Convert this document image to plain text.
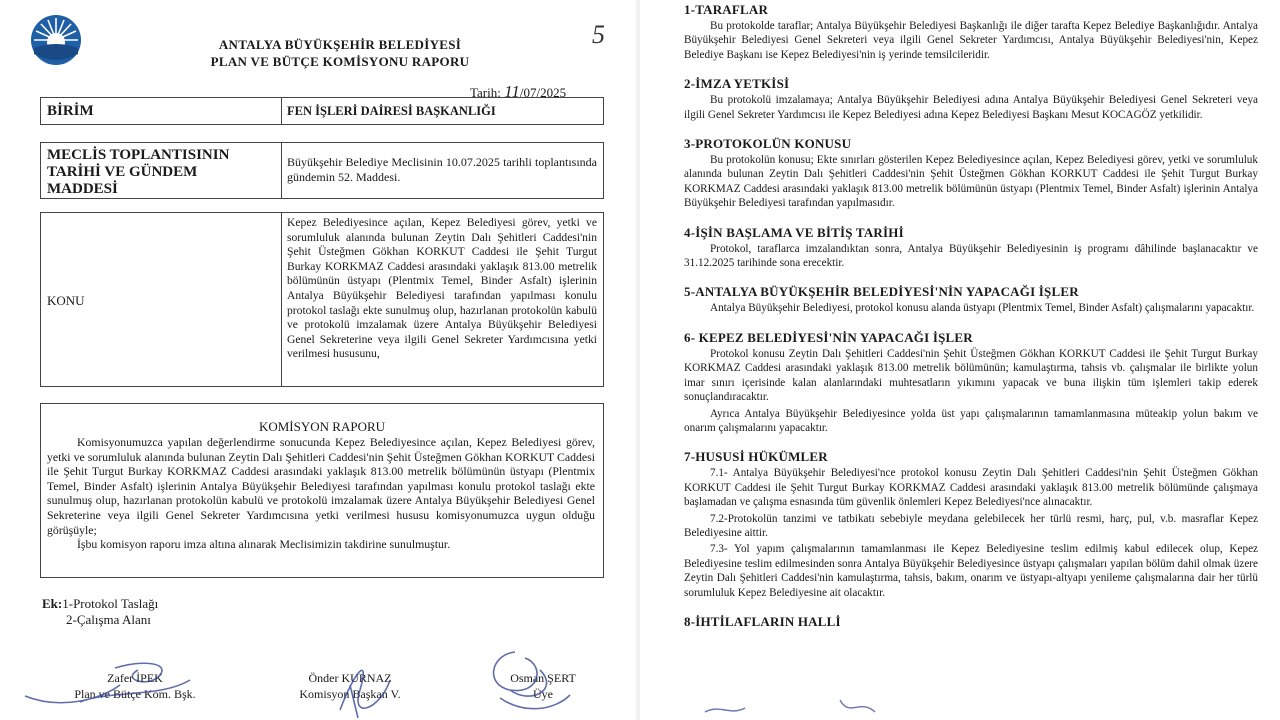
5
ANTALYA BÜYÜKŞEHİR BELEDİYESİ
PLAN VE BÜTÇE KOMİSYONU RAPORU
Tarih: 11/07/2025
BİRİM	FEN İŞLERİ DAİRESİ BAŞKANLIĞI
MECLİS TOPLANTISININ
TARİHİ VE GÜNDEM
MADDESİ
Büyükşehir Belediye Meclisinin 10.07.2025 tarihli toplantısında gündemin 52. Maddesi.
KONU
Kepez Belediyesince açılan, Kepez Belediyesi görev, yetki ve sorumluluk alanında bulunan Zeytin Dalı Şehitleri Caddesi'nin Şehit Üsteğmen Gökhan KORKUT Caddesi ile Şehit Turgut Burkay KORKMAZ Caddesi arasındaki yaklaşık 813.00 metrelik bölümünün üstyapı (Plentmix Temel, Binder Asfalt) işlerinin Antalya Büyükşehir Belediyesi tarafından yapılması konulu protokol taslağı ekte sunulmuş olup, hazırlanan protokolün kabulü ve protokolü imzalamak üzere Antalya Büyükşehir Belediyesi Genel Sekreterine veya ilgili Genel Sekreter Yardımcısına yetki verilmesi hususunu,
KOMİSYON RAPORU

Komisyonumuzca yapılan değerlendirme sonucunda Kepez Belediyesince açılan, Kepez Belediyesi görev, yetki ve sorumluluk alanında bulunan Zeytin Dalı Şehitleri Caddesi'nin Şehit Üsteğmen Gökhan KORKUT Caddesi ile Şehit Turgut Burkay KORKMAZ Caddesi arasındaki yaklaşık 813.00 metrelik bölümünün üstyapı (Plentmix Temel, Binder Asfalt) işlerinin Antalya Büyükşehir Belediyesi tarafından yapılması konulu protokol taslağı ekte sunulmuş olup, hazırlanan protokolün kabulü ve protokolü imzalamak üzere Antalya Büyükşehir Belediyesi Genel Sekreterine veya ilgili Genel Sekreter Yardımcısına yetki verilmesi hususu komisyonumuzca uygun olduğu görüşüyle;

İşbu komisyon raporu imza altına alınarak Meclisimizin takdirine sunulmuştur.

Ek:1-Protokol Taslağı
2-Çalışma Alanı
Zafer İPEK
Plan ve Bütçe Kom. Bşk.
Önder KURNAZ
Komisyon Başkan V.
Osman ŞERT
Üye
1-TARAFLAR

Bu protokolde taraflar; Antalya Büyükşehir Belediyesi Başkanlığı ile diğer tarafta Kepez Belediye Başkanlığıdır. Antalya Büyükşehir Belediyesi Genel Sekreteri veya ilgili Genel Sekreter Yardımcısı, Antalya Büyükşehir Belediyesi'nin, Kepez Belediye Başkanı ise Kepez Belediyesi'nin iş yerinde temsilcileridir.

2-İMZA YETKİSİ

Bu protokolü imzalamaya; Antalya Büyükşehir Belediyesi adına Antalya Büyükşehir Belediyesi Genel Sekreteri veya ilgili Genel Sekreter Yardımcısı ile Kepez Belediyesi adına Kepez Belediyesi Başkanı Mesut KOCAGÖZ yetkilidir.

3-PROTOKOLÜN KONUSU

Bu protokolün konusu; Ekte sınırları gösterilen Kepez Belediyesince açılan, Kepez Belediyesi görev, yetki ve sorumluluk alanında bulunan Zeytin Dalı Şehitleri Caddesi'nin Şehit Üsteğmen Gökhan KORKUT Caddesi ile Şehit Turgut Burkay KORKMAZ Caddesi arasındaki yaklaşık 813.00 metrelik bölümünün üstyapı (Plentmix Temel, Binder Asfalt) işlerinin Antalya Büyükşehir Belediyesi tarafından yapılmasıdır.

4-İŞİN BAŞLAMA VE BİTİŞ TARİHİ

Protokol, taraflarca imzalandıktan sonra, Antalya Büyükşehir Belediyesinin iş programı dâhilinde başlanacaktır ve 31.12.2025 tarihinde sona erecektir.

5-ANTALYA BÜYÜKŞEHİR BELEDİYESİ'NİN YAPACAĞI İŞLER

Antalya Büyükşehir Belediyesi, protokol konusu alanda üstyapı (Plentmix Temel, Binder Asfalt) çalışmalarını yapacaktır.

6- KEPEZ BELEDİYESİ'NİN YAPACAĞI İŞLER

Protokol konusu Zeytin Dalı Şehitleri Caddesi'nin Şehit Üsteğmen Gökhan KORKUT Caddesi ile Şehit Turgut Burkay KORKMAZ Caddesi arasındaki yaklaşık 813.00 metrelik bölümünün; kamulaştırma, tahsis vb. çalışmalar ile birlikte yolun imar sınırı içerisinde kalan alanlarındaki muhtesatların yıkımını yapacak ve buna ilişkin tüm işlemleri takip ederek sonuçlandıracaktır.

Ayrıca Antalya Büyükşehir Belediyesince yolda üst yapı çalışmalarının tamamlanmasına müteakip yolun bakım ve onarım çalışmalarını yapacaktır.

7-HUSUSİ HÜKÜMLER

7.1- Antalya Büyükşehir Belediyesi'nce protokol konusu Zeytin Dalı Şehitleri Caddesi'nin Şehit Üsteğmen Gökhan KORKUT Caddesi ile Şehit Turgut Burkay KORKMAZ Caddesi arasındaki yaklaşık 813.00 metrelik bölümünde çalışmaya başlamadan ve çalışma esnasında tüm güvenlik önlemleri Kepez Belediyesi'nce alınacaktır.

7.2-Protokolün tanzimi ve tatbikatı sebebiyle meydana gelebilecek her türlü resmi, harç, pul, v.b. masraflar Kepez Belediyesine aittir.

7.3- Yol yapım çalışmalarının tamamlanması ile Kepez Belediyesine teslim edilmiş kabul edilecek olup, Kepez Belediyesine teslim edilmesinden sonra Antalya Büyükşehir Belediyesince üstyapı çalışmaları yapılan bölüm dahil olmak üzere Zeytin Dalı Şehitleri Caddesi'nin kamulaştırma, tahsis, bakım, onarım ve üstyapı-altyapı yenileme çalışmalarına dair her türlü sorumluluk Kepez Belediyesine ait olacaktır.

8-İHTİLAFLARIN HALLİ
